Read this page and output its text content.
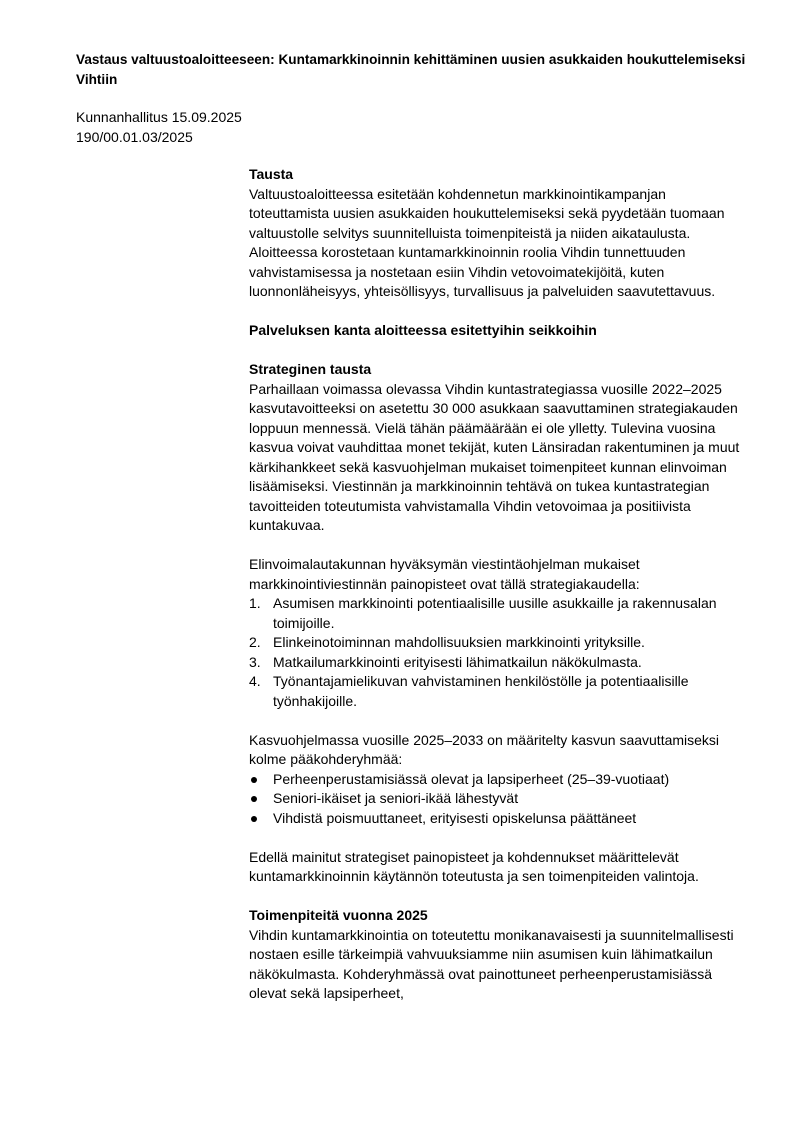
Vastaus valtuustoaloitteeseen: Kuntamarkkinoinnin kehittäminen uusien asukkaiden houkuttelemiseksi Vihtiin
Kunnanhallitus 15.09.2025
190/00.01.03/2025
Tausta

Valtuustoaloitteessa esitetään kohdennetun markkinointikampanjan toteuttamista uusien asukkaiden houkuttelemiseksi sekä pyydetään tuomaan valtuustolle selvitys suunnitelluista toimenpiteistä ja niiden aikataulusta. Aloitteessa korostetaan kuntamarkkinoinnin roolia Vihdin tunnettuuden vahvistamisessa ja nostetaan esiin Vihdin vetovoimatekijöitä, kuten luonnonläheisyys, yhteisöllisyys, turvallisuus ja palveluiden saavutettavuus.

Palveluksen kanta aloitteessa esitettyihin seikkoihin
Strateginen tausta

Parhaillaan voimassa olevassa Vihdin kuntastrategiassa vuosille 2022–2025 kasvutavoitteeksi on asetettu 30 000 asukkaan saavuttaminen strategiakauden loppuun mennessä. Vielä tähän päämäärään ei ole ylletty. Tulevina vuosina kasvua voivat vauhdittaa monet tekijät, kuten Länsiradan rakentuminen ja muut kärkihankkeet sekä kasvuohjelman mukaiset toimenpiteet kunnan elinvoiman lisäämiseksi. Viestinnän ja markkinoinnin tehtävä on tukea kuntastrategian tavoitteiden toteutumista vahvistamalla Vihdin vetovoimaa ja positiivista kuntakuvaa.

Elinvoimalautakunnan hyväksymän viestintäohjelman mukaiset markkinointiviestinnän painopisteet ovat tällä strategiakaudella:

1. Asumisen markkinointi potentiaalisille uusille asukkaille ja rakennusalan toimijoille.
2. Elinkeinotoiminnan mahdollisuuksien markkinointi yrityksille.
3. Matkailumarkkinointi erityisesti lähimatkailun näkökulmasta.
4. Työnantajamielikuvan vahvistaminen henkilöstölle ja potentiaalisille työnhakijoille.

Kasvuohjelmassa vuosille 2025–2033 on määritelty kasvun saavuttamiseksi kolme pääkohderyhmää:

Perheenperustamisiässä olevat ja lapsiperheet (25–39-vuotiaat)
Seniori-ikäiset ja seniori-ikää lähestyvät
Vihdistä poismuuttaneet, erityisesti opiskelunsa päättäneet

Edellä mainitut strategiset painopisteet ja kohdennukset määrittelevät kuntamarkkinoinnin käytännön toteutusta ja sen toimenpiteiden valintoja.

Toimenpiteitä vuonna 2025

Vihdin kuntamarkkinointia on toteutettu monikanavaisesti ja suunnitelmallisesti nostaen esille tärkeimpiä vahvuuksiamme niin asumisen kuin lähimatkailun näkökulmasta. Kohderyhmässä ovat painottuneet perheenperustamisiässä olevat sekä lapsiperheet,
